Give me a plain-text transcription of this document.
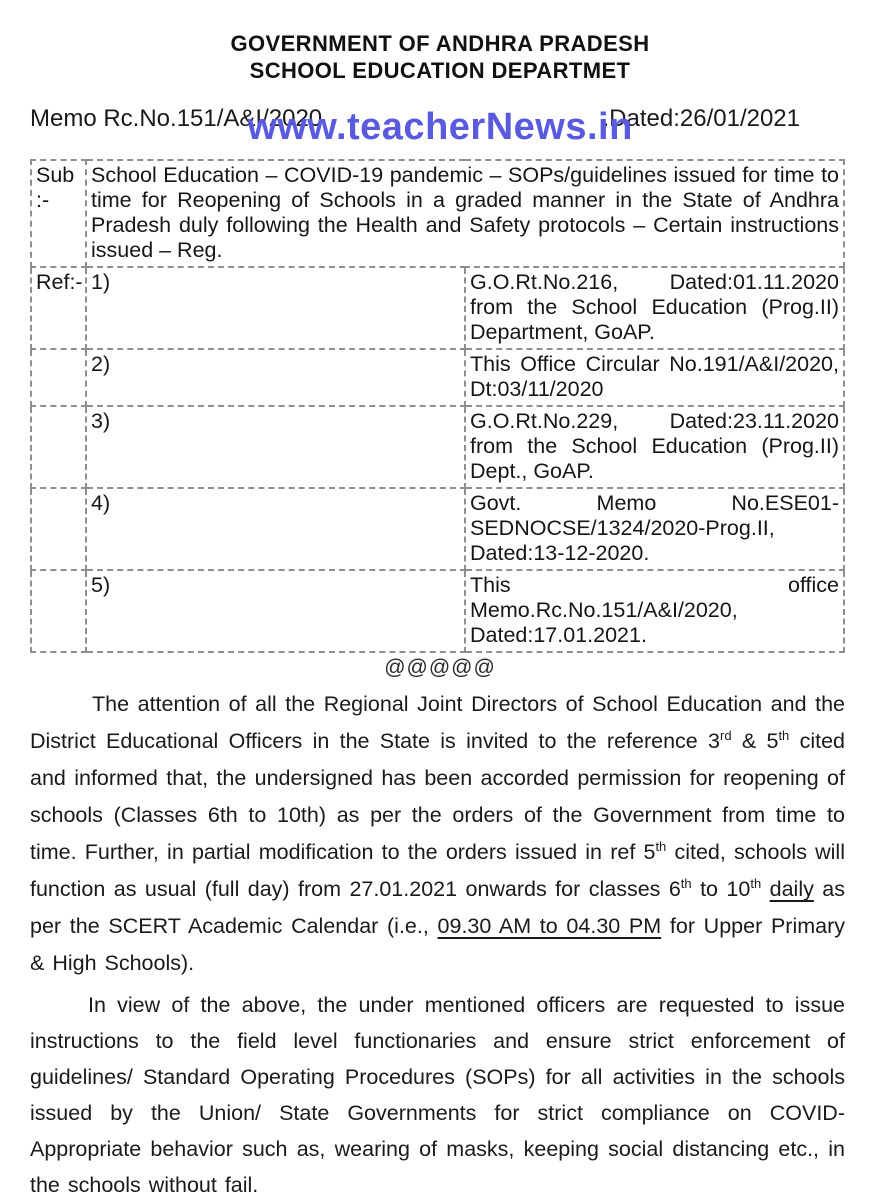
GOVERNMENT OF ANDHRA PRADESH
SCHOOL EDUCATION DEPARTMET
Memo Rc.No.151/A&I/2020	.Dated:26/01/2021
www.teacherNews.in
Sub :-	School Education – COVID-19 pandemic – SOPs/guidelines issued for time to time for Reopening of Schools in a graded manner in the State of Andhra Pradesh duly following the Health and Safety protocols – Certain instructions issued – Reg.	
Ref:-	1)	G.O.Rt.No.216, Dated:01.11.2020 from the School Education (Prog.II) Department, GoAP.
	2)	This Office Circular No.191/A&I/2020, Dt:03/11/2020
	3)	G.O.Rt.No.229, Dated:23.11.2020 from the School Education (Prog.II) Dept., GoAP.
	4)	Govt. Memo No.ESE01-SEDNOCSE/1324/2020-Prog.II, Dated:13-12-2020.
	5)	This office Memo.Rc.No.151/A&I/2020, Dated:17.01.2021.
@@@@@

The attention of all the Regional Joint Directors of School Education and the District Educational Officers in the State is invited to the reference 3rd & 5th cited and informed that, the undersigned has been accorded permission for reopening of schools (Classes 6th to 10th) as per the orders of the Government from time to time. Further, in partial modification to the orders issued in ref 5th cited, schools will function as usual (full day) from 27.01.2021 onwards for classes 6th to 10th daily as per the SCERT Academic Calendar (i.e., 09.30 AM to 04.30 PM for Upper Primary & High Schools).

In view of the above, the under mentioned officers are requested to issue instructions to the field level functionaries and ensure strict enforcement of guidelines/ Standard Operating Procedures (SOPs) for all activities in the schools issued by the Union/ State Governments for strict compliance on COVID-Appropriate behavior such as, wearing of masks, keeping social distancing etc., in the schools without fail.
